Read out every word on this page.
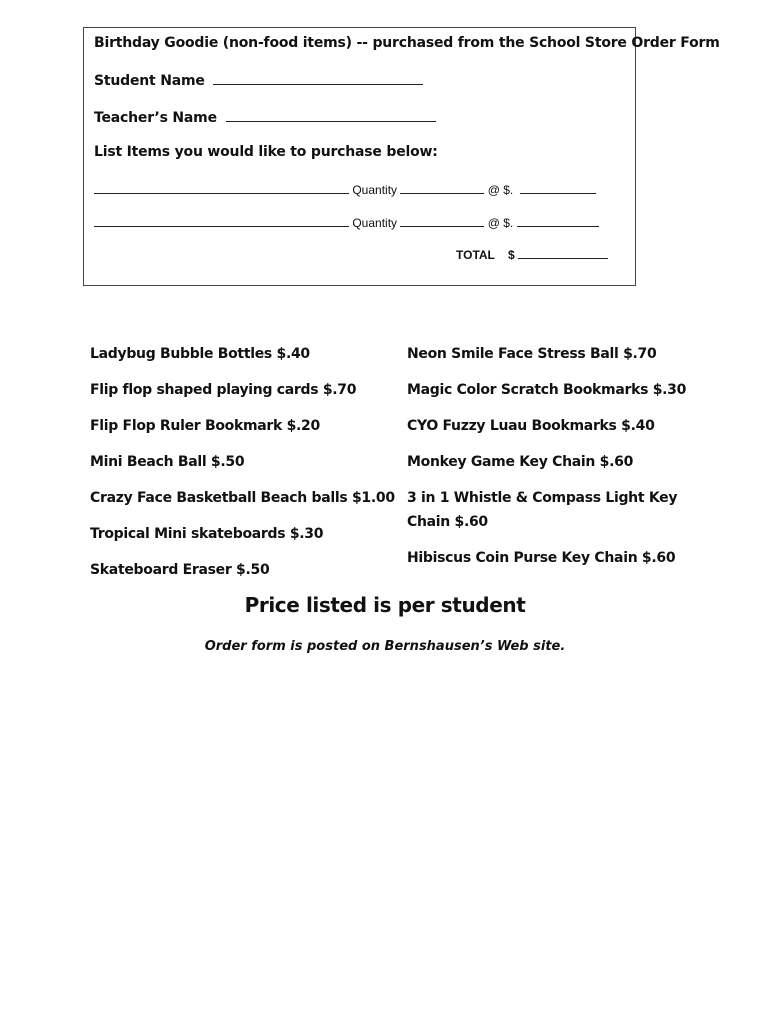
Birthday Goodie (non-food items) -- purchased from the School Store Order Form
Student Name
Teacher’s Name
List Items you would like to purchase below:
Quantity	@ $.
Quantity	@ $.
TOTAL $
Ladybug Bubble Bottles $.40
Flip flop shaped playing cards $.70
Flip Flop Ruler Bookmark $.20
Mini Beach Ball $.50
Crazy Face Basketball Beach balls $1.00
Tropical Mini skateboards $.30
Skateboard Eraser $.50
Neon Smile Face Stress Ball $.70
Magic Color Scratch Bookmarks $.30
CYO Fuzzy Luau Bookmarks $.40
Monkey Game Key Chain $.60
3 in 1 Whistle & Compass Light Key Chain $.60
Hibiscus Coin Purse Key Chain $.60
Price listed is per student
Order form is posted on Bernshausen’s Web site.
